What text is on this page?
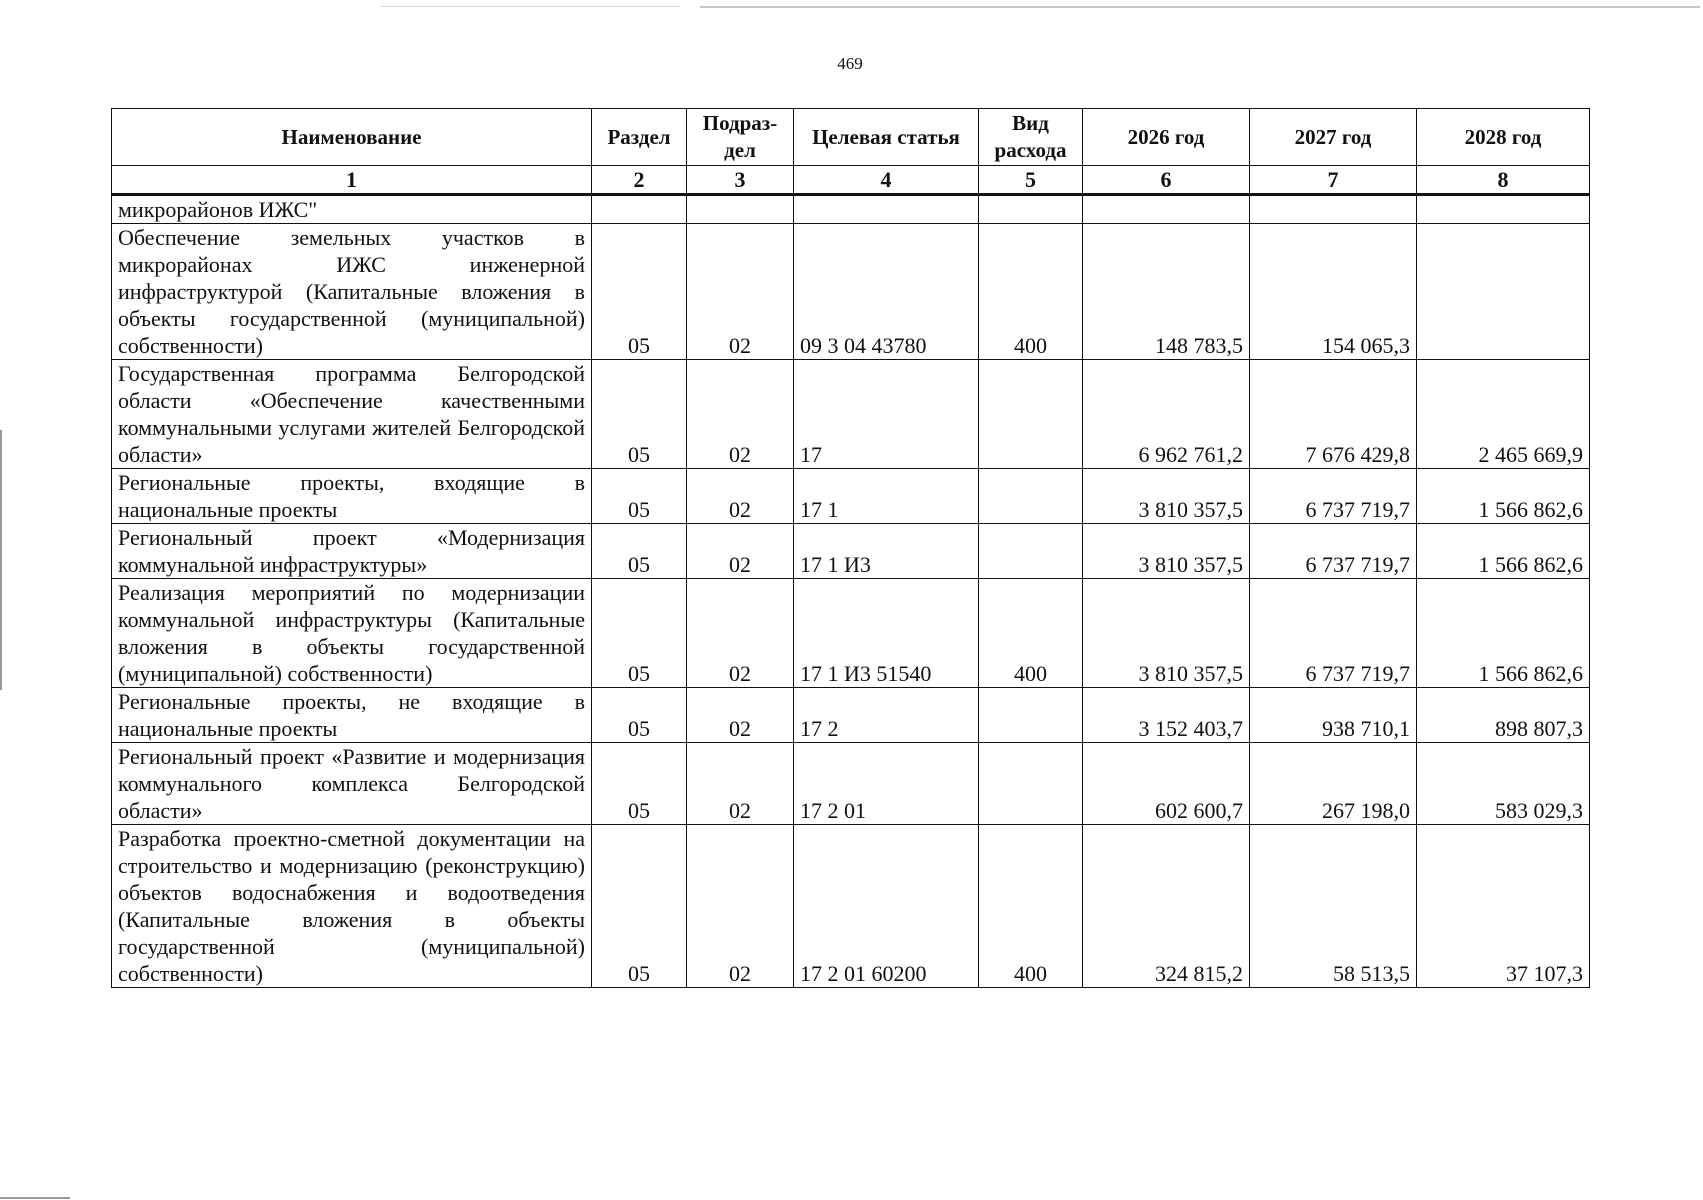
469
Наименование	Раздел	Подраз-дел	Целевая статья	Вид расхода	2026 год	2027 год	2028 год
1	2	3	4	5	6	7	8
микрорайонов ИЖС"							
Обеспечение земельных участков в микрорайонах ИЖС инженерной инфраструктурой (Капитальные вложения в объекты государственной (муниципальной) собственности)	05	02	09 3 04 43780	400	148 783,5	154 065,3	
Государственная программа Белгородской области «Обеспечение качественными коммунальными услугами жителей Белгородской области»	05	02	17		6 962 761,2	7 676 429,8	2 465 669,9
Региональные проекты, входящие в национальные проекты	05	02	17 1		3 810 357,5	6 737 719,7	1 566 862,6
Региональный проект «Модернизация коммунальной инфраструктуры»	05	02	17 1 И3		3 810 357,5	6 737 719,7	1 566 862,6
Реализация мероприятий по модернизации коммунальной инфраструктуры (Капитальные вложения в объекты государственной (муниципальной) собственности)	05	02	17 1 И3 51540	400	3 810 357,5	6 737 719,7	1 566 862,6
Региональные проекты, не входящие в национальные проекты	05	02	17 2		3 152 403,7	938 710,1	898 807,3
Региональный проект «Развитие и модернизация коммунального комплекса Белгородской области»	05	02	17 2 01		602 600,7	267 198,0	583 029,3
Разработка проектно-сметной документации на строительство и модернизацию (реконструкцию) объектов водоснабжения и водоотведения (Капитальные вложения в объекты государственной (муниципальной) собственности)	05	02	17 2 01 60200	400	324 815,2	58 513,5	37 107,3
